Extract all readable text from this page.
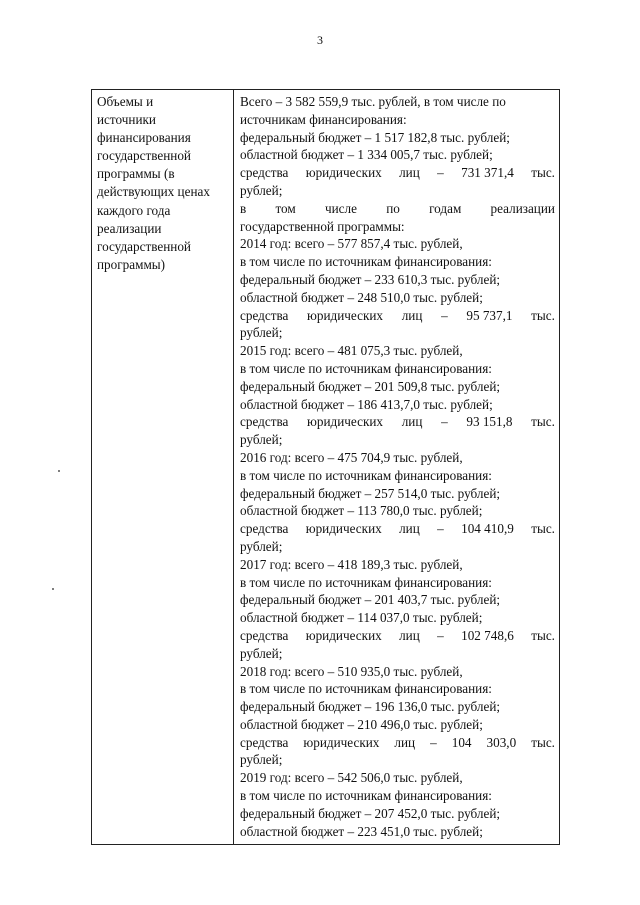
3
Объемы и
источники
финансирования
государственной
программы (в
действующих ценах
каждого года
реализации
государственной
программы)
Всего – 3 582 559,9 тыс. рублей, в том числе по
источникам финансирования:
федеральный бюджет – 1 517 182,8 тыс. рублей;
областной бюджет – 1 334 005,7 тыс. рублей;
средства юридических лиц – 731 371,4 тыс.
рублей;
в том числе по годам реализации
государственной программы:
2014 год: всего – 577 857,4 тыс. рублей,
в том числе по источникам финансирования:
федеральный бюджет – 233 610,3 тыс. рублей;
областной бюджет – 248 510,0 тыс. рублей;
средства юридических лиц – 95 737,1 тыс.
рублей;
2015 год: всего – 481 075,3 тыс. рублей,
в том числе по источникам финансирования:
федеральный бюджет – 201 509,8 тыс. рублей;
областной бюджет – 186 413,7,0 тыс. рублей;
средства юридических лиц – 93 151,8 тыс.
рублей;
2016 год: всего – 475 704,9 тыс. рублей,
в том числе по источникам финансирования:
федеральный бюджет – 257 514,0 тыс. рублей;
областной бюджет – 113 780,0 тыс. рублей;
средства юридических лиц – 104 410,9 тыс.
рублей;
2017 год: всего – 418 189,3 тыс. рублей,
в том числе по источникам финансирования:
федеральный бюджет – 201 403,7 тыс. рублей;
областной бюджет – 114 037,0 тыс. рублей;
средства юридических лиц – 102 748,6 тыс.
рублей;
2018 год: всего – 510 935,0 тыс. рублей,
в том числе по источникам финансирования:
федеральный бюджет – 196 136,0 тыс. рублей;
областной бюджет – 210 496,0 тыс. рублей;
средства юридических лиц – 104 303,0 тыс.
рублей;
2019 год: всего – 542 506,0 тыс. рублей,
в том числе по источникам финансирования:
федеральный бюджет – 207 452,0 тыс. рублей;
областной бюджет – 223 451,0 тыс. рублей;
